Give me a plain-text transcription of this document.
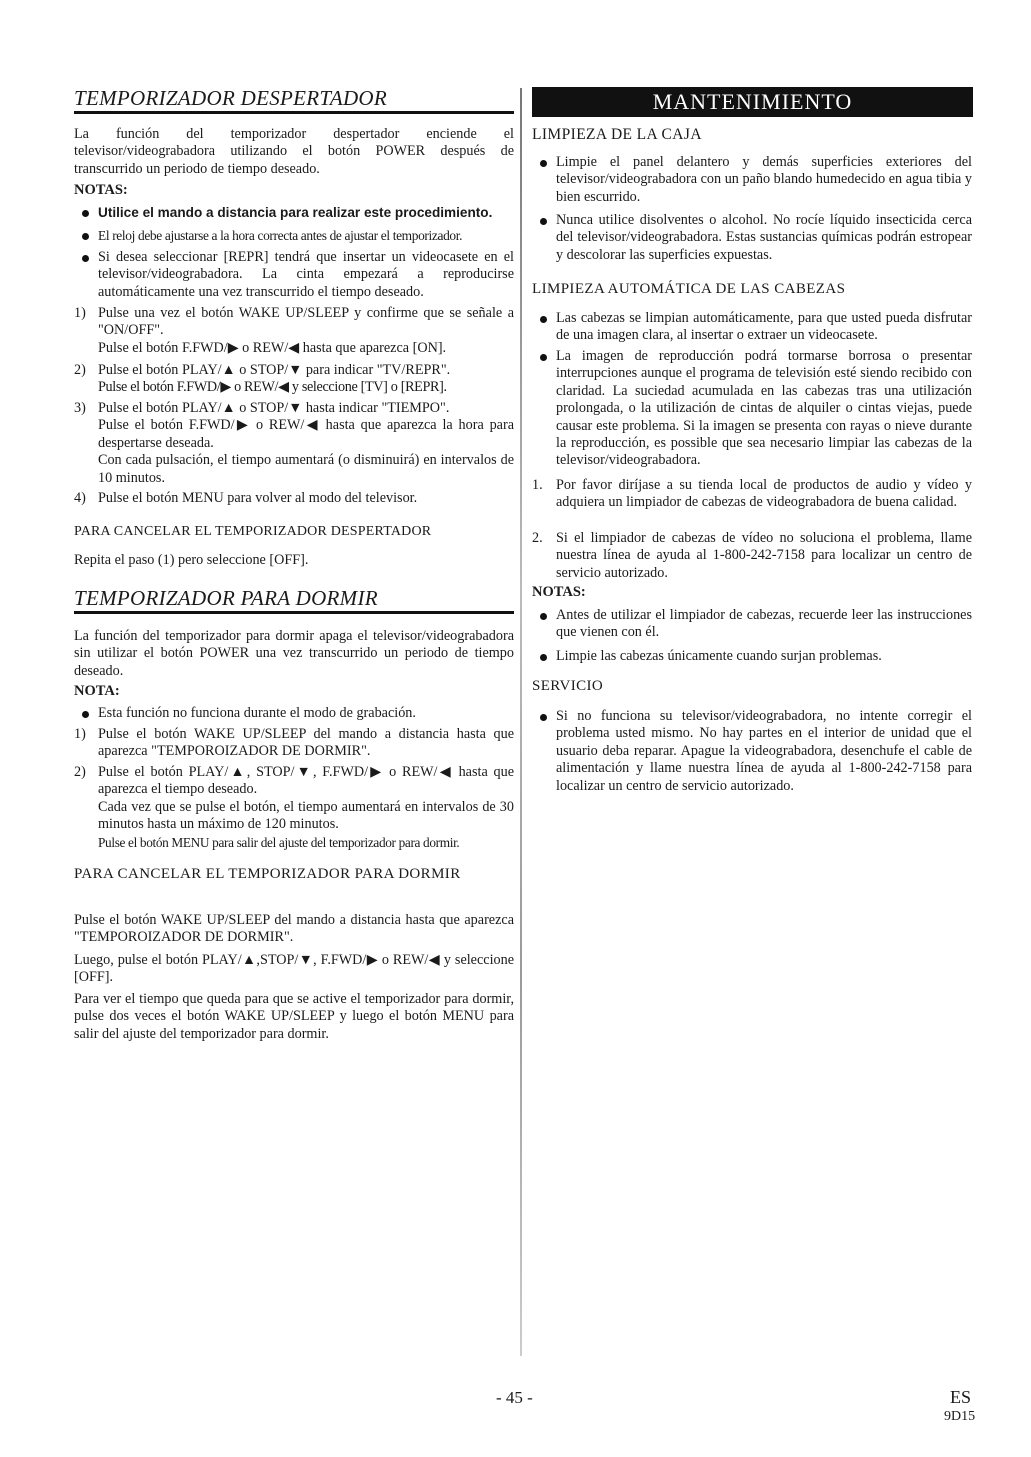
TEMPORIZADOR DESPERTADOR
La función del temporizador despertador enciende el televisor/videograbadora utilizando el botón POWER después de transcurrido un periodo de tiempo deseado.
NOTAS:
Utilice el mando a distancia para realizar este procedimiento.
El reloj debe ajustarse a la hora correcta antes de ajustar el temporizador.
Si desea seleccionar [REPR] tendrá que insertar un videocasete en el televisor/videograbadora. La cinta empezará a reproducirse automáticamente una vez transcurrido el tiempo deseado.
1) Pulse una vez el botón WAKE UP/SLEEP y confirme que se señale a "ON/OFF".
Pulse el botón F.FWD/▶ o REW/◀ hasta que aparezca [ON].
2) Pulse el botón PLAY/▲ o STOP/▼ para indicar "TV/REPR".
Pulse el botón F.FWD/▶ o REW/◀ y seleccione [TV] o [REPR].
3) Pulse el botón PLAY/▲ o STOP/▼ hasta indicar "TIEMPO".
Pulse el botón F.FWD/▶ o REW/◀ hasta que aparezca la hora para despertarse deseada.
Con cada pulsación, el tiempo aumentará (o disminuirá) en intervalos de 10 minutos.
4) Pulse el botón MENU para volver al modo del televisor.
PARA CANCELAR EL TEMPORIZADOR DESPERTADOR
Repita el paso (1) pero seleccione [OFF].
TEMPORIZADOR PARA DORMIR
La función del temporizador para dormir apaga el televisor/videograbadora sin utilizar el botón POWER una vez transcurrido un periodo de tiempo deseado.
NOTA:
Esta función no funciona durante el modo de grabación.
1) Pulse el botón WAKE UP/SLEEP del mando a distancia hasta que aparezca "TEMPOROIZADOR DE DORMIR".
2) Pulse el botón PLAY/▲, STOP/▼, F.FWD/▶ o REW/◀ hasta que aparezca el tiempo deseado.
Cada vez que se pulse el botón, el tiempo aumentará en intervalos de 30 minutos hasta un máximo de 120 minutos.
Pulse el botón MENU para salir del ajuste del temporizador para dormir.
PARA CANCELAR EL TEMPORIZADOR PARA DORMIR
Pulse el botón WAKE UP/SLEEP del mando a distancia hasta que aparezca "TEMPOROIZADOR DE DORMIR".
Luego, pulse el botón PLAY/▲,STOP/▼, F.FWD/▶ o REW/◀ y seleccione [OFF].
Para ver el tiempo que queda para que se active el temporizador para dormir, pulse dos veces el botón WAKE UP/SLEEP y luego el botón MENU para salir del ajuste del temporizador para dormir.
MANTENIMIENTO
LIMPIEZA DE LA CAJA
Limpie el panel delantero y demás superficies exteriores del televisor/videograbadora con un paño blando humedecido en agua tibia y bien escurrido.
Nunca utilice disolventes o alcohol. No rocíe líquido insecticida cerca del televisor/videograbadora. Estas sustancias químicas podrán estropear y descolorar las superficies expuestas.
LIMPIEZA AUTOMÁTICA DE LAS CABEZAS
Las cabezas se limpian automáticamente, para que usted pueda disfrutar de una imagen clara, al insertar o extraer un videocasete.
La imagen de reproducción podrá tormarse borrosa o presentar interrupciones aunque el programa de televisión esté siendo recibido con claridad. La suciedad acumulada en las cabezas tras una utilización prolongada, o la utilización de cintas de alquiler o cintas viejas, puede causar este problema. Si la imagen se presenta con rayas o nieve durante la reproducción, es possible que sea necesario limpiar las cabezas de la televisor/videograbadora.
1. Por favor diríjase a su tienda local de productos de audio y vídeo y adquiera un limpiador de cabezas de videograbadora de buena calidad.
2. Si el limpiador de cabezas de vídeo no soluciona el problema, llame nuestra línea de ayuda al 1-800-242-7158 para localizar un centro de servicio autorizado.
NOTAS:
Antes de utilizar el limpiador de cabezas, recuerde leer las instrucciones que vienen con él.
Limpie las cabezas únicamente cuando surjan problemas.
SERVICIO
Si no funciona su televisor/videograbadora, no intente corregir el problema usted mismo. No hay partes en el interior de unidad que el usuario deba reparar. Apague la videograbadora, desenchufe el cable de alimentación y llame nuestra línea de ayuda al 1-800-242-7158 para localizar un centro de servicio autorizado.
- 45 -	ES
9D15
